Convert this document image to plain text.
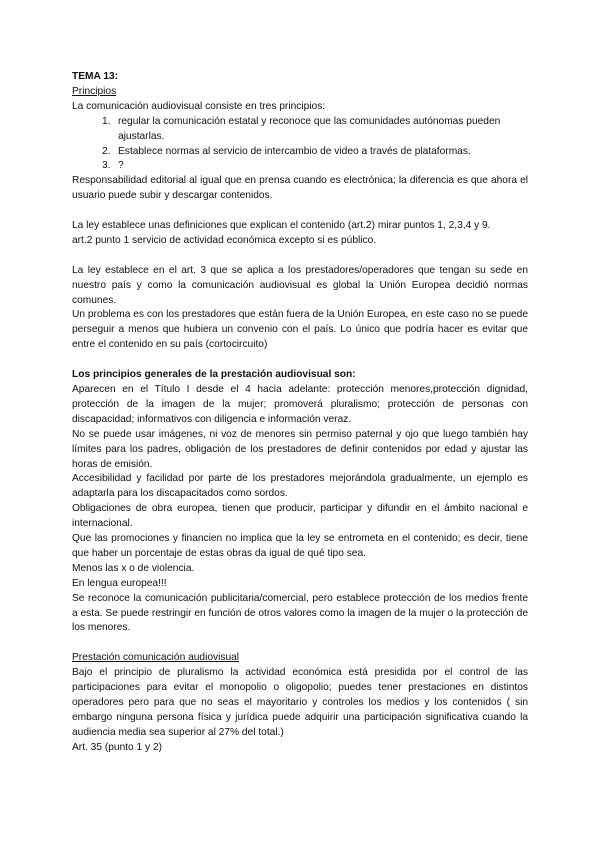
TEMA 13:

Principios

La comunicación audiovisual consiste en tres principios:

1. regular la comunicación estatal y reconoce que las comunidades autónomas pueden ajustarlas.
2. Establece normas al servicio de intercambio de video a través de plataformas.
3. ?

Responsabilidad editorial al igual que en prensa cuando es electrónica; la diferencia es que ahora el usuario puede subir y descargar contenidos.

La ley establece unas definiciones que explican el contenido (art.2) mirar puntos 1, 2,3,4 y 9.

art.2 punto 1 servicio de actividad económica excepto si es público.

La ley establece en el art. 3 que se aplica a los prestadores/operadores que tengan su sede en nuestro país y como la comunicación audiovisual es global la Unión Europea decidió normas comunes.

Un problema es con los prestadores que están fuera de la Unión Europea, en este caso no se puede perseguir a menos que hubiera un convenio con el país. Lo único que podría hacer es evitar que entre el contenido en su país (cortocircuito)

Los principios generales de la prestación audiovisual son:

Aparecen en el Título I desde el 4 hacia adelante: protección menores,protección dignidad, protección de la imagen de la mujer; promoverá pluralismo; protección de personas con discapacidad; informativos con diligencia e información veraz.

No se puede usar imágenes, ni voz de menores sin permiso paternal y ojo que luego también hay límites para los padres, obligación de los prestadores de definir contenidos por edad y ajustar las horas de emisión.

Accesibilidad y facilidad por parte de los prestadores mejorándola gradualmente, un ejemplo es adaptarla para los discapacitados como sordos.

Obligaciones de obra europea, tienen que producir, participar y difundir en el ámbito nacional e internacional.

Que las promociones y financien no implica que la ley se entrometa en el contenido; es decir, tiene que haber un porcentaje de estas obras da igual de qué tipo sea.

Menos las x o de violencia.

En lengua europea!!!

Se reconoce la comunicación publicitaria/comercial, pero establece protección de los medios frente a esta. Se puede restringir en función de otros valores como la imagen de la mujer o la protección de los menores.

Prestación comunicación audiovisual

Bajo el principio de pluralismo la actividad económica está presidida por el control de las participaciones para evitar el monopolio o oligopolio; puedes tener prestaciones en distintos operadores pero para que no seas el mayoritario y controles los medios y los contenidos ( sin embargo ninguna persona física y jurídica puede adquirir una participación significativa cuando la audiencia media sea superior al 27% del total.)

Art. 35 (punto 1 y 2)
